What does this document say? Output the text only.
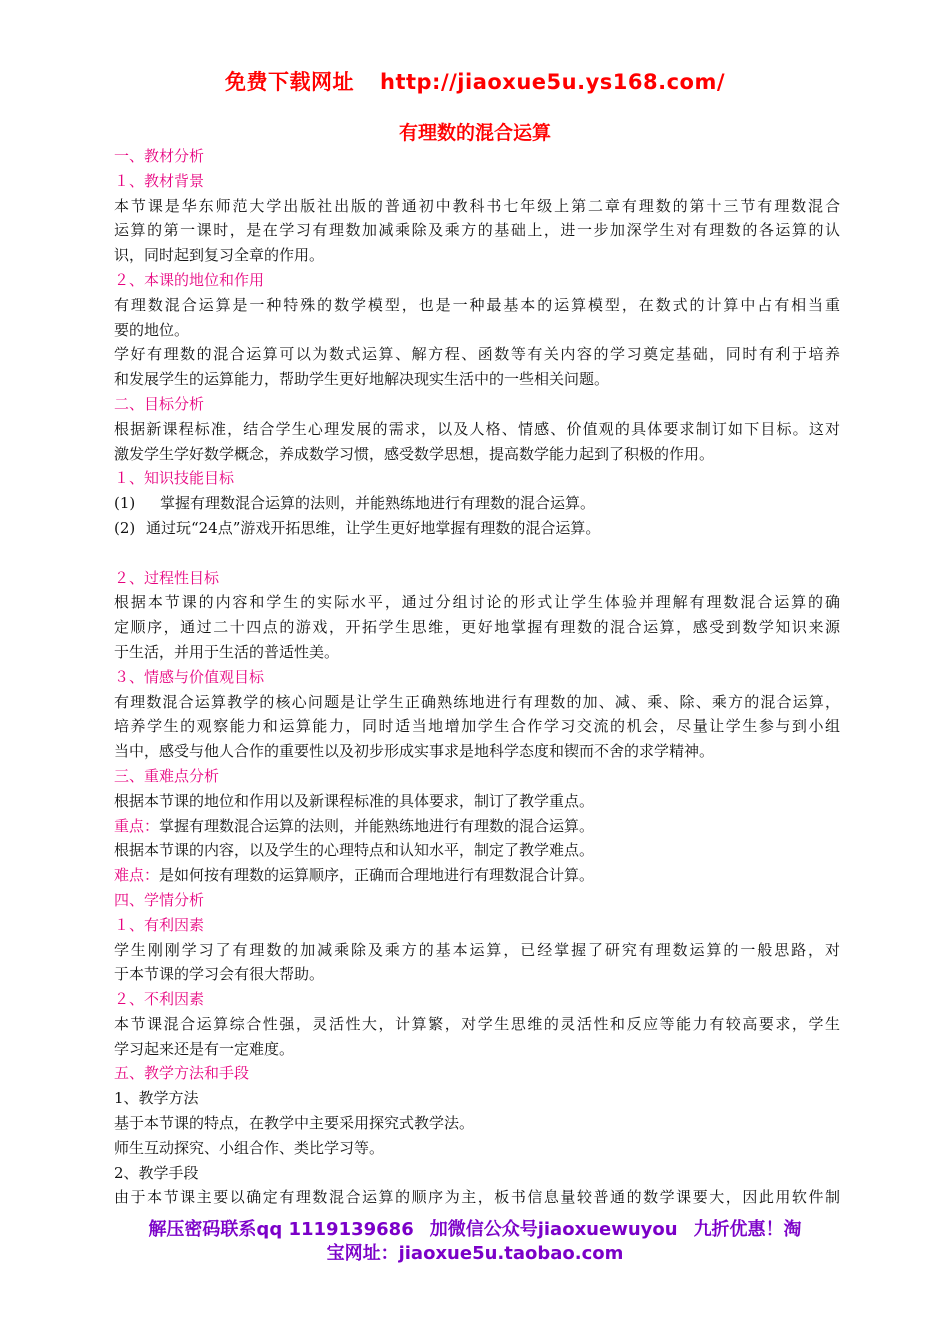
免费下载网址 http://jiaoxue5u.ys168.com/
有理数的混合运算
一、教材分析
１、教材背景
本节课是华东师范大学出版社出版的普通初中教科书七年级上第二章有理数的第十三节有理数混合
运算的第一课时，是在学习有理数加减乘除及乘方的基础上，进一步加深学生对有理数的各运算的认
识，同时起到复习全章的作用。
２、本课的地位和作用
有理数混合运算是一种特殊的数学模型，也是一种最基本的运算模型，在数式的计算中占有相当重
要的地位。
学好有理数的混合运算可以为数式运算、解方程、函数等有关内容的学习奠定基础，同时有利于培养
和发展学生的运算能力，帮助学生更好地解决现实生活中的一些相关问题。
二、目标分析
根据新课程标准，结合学生心理发展的需求，以及人格、情感、价值观的具体要求制订如下目标。这对
激发学生学好数学概念，养成数学习惯，感受数学思想，提高数学能力起到了积极的作用。
１、知识技能目标
(1) 掌握有理数混合运算的法则，并能熟练地进行有理数的混合运算。
(2) 通过玩“24点”游戏开拓思维，让学生更好地掌握有理数的混合运算。
２、过程性目标
根据本节课的内容和学生的实际水平，通过分组讨论的形式让学生体验并理解有理数混合运算的确
定顺序，通过二十四点的游戏，开拓学生思维，更好地掌握有理数的混合运算，感受到数学知识来源
于生活，并用于生活的普适性美。
３、情感与价值观目标
有理数混合运算教学的核心问题是让学生正确熟练地进行有理数的加、减、乘、除、乘方的混合运算，
培养学生的观察能力和运算能力，同时适当地增加学生合作学习交流的机会，尽量让学生参与到小组
当中，感受与他人合作的重要性以及初步形成实事求是地科学态度和锲而不舍的求学精神。
三、重难点分析
根据本节课的地位和作用以及新课程标准的具体要求，制订了教学重点。
重点：掌握有理数混合运算的法则，并能熟练地进行有理数的混合运算。
根据本节课的内容，以及学生的心理特点和认知水平，制定了教学难点。
难点：是如何按有理数的运算顺序，正确而合理地进行有理数混合计算。
四、学情分析
１、有利因素
学生刚刚学习了有理数的加减乘除及乘方的基本运算，已经掌握了研究有理数运算的一般思路，对
于本节课的学习会有很大帮助。
２、不利因素
本节课混合运算综合性强，灵活性大，计算繁，对学生思维的灵活性和反应等能力有较高要求，学生
学习起来还是有一定难度。
五、教学方法和手段
1、教学方法
基于本节课的特点，在教学中主要采用探究式教学法。
师生互动探究、小组合作、类比学习等。
2、教学手段
由于本节课主要以确定有理数混合运算的顺序为主，板书信息量较普通的数学课要大，因此用软件制
解压密码联系qq 1119139686 加微信公众号jiaoxuewuyou 九折优惠！淘
宝网址：jiaoxue5u.taobao.com
